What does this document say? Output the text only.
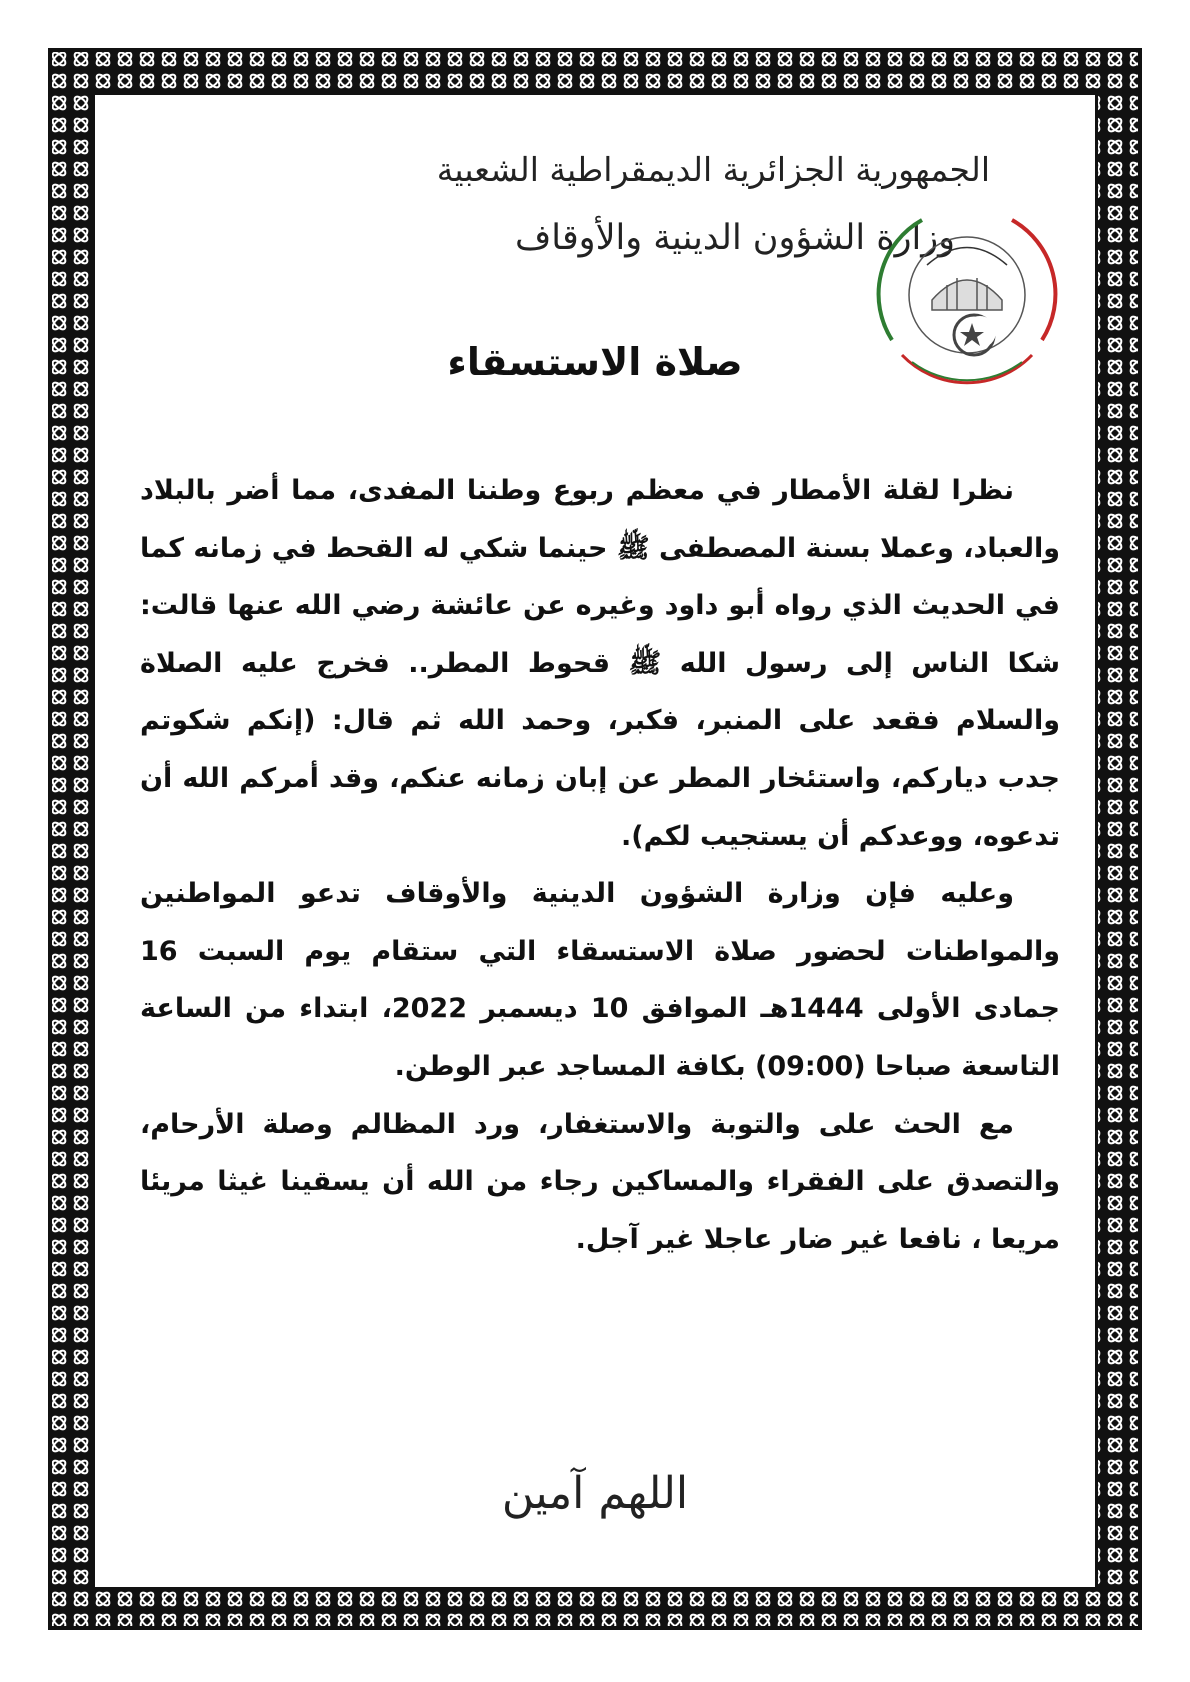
الجمهورية الجزائرية الديمقراطية الشعبية
وزارة الشؤون الدينية والأوقاف
صلاة الاستسقاء

نظرا لقلة الأمطار في معظم ربوع وطننا المفدى، مما أضر بالبلاد والعباد، وعملا بسنة المصطفى ﷺ حينما شكي له القحط في زمانه كما في الحديث الذي رواه أبو داود وغيره عن عائشة رضي الله عنها قالت: شكا الناس إلى رسول الله ﷺ قحوط المطر.. فخرج عليه الصلاة والسلام فقعد على المنبر، فكبر، وحمد الله ثم قال: (إنكم شكوتم جدب دياركم، واستئخار المطر عن إبان زمانه عنكم، وقد أمركم الله أن تدعوه، ووعدكم أن يستجيب لكم).

وعليه فإن وزارة الشؤون الدينية والأوقاف تدعو المواطنين والمواطنات لحضور صلاة الاستسقاء التي ستقام يوم السبت 16 جمادى الأولى 1444هـ الموافق 10 ديسمبر 2022، ابتداء من الساعة التاسعة صباحا (09:00) بكافة المساجد عبر الوطن.

مع الحث على والتوبة والاستغفار، ورد المظالم وصلة الأرحام، والتصدق على الفقراء والمساكين رجاء من الله أن يسقينا غيثا مريئا مريعا ، نافعا غير ضار عاجلا غير آجل.

اللهم آمين
